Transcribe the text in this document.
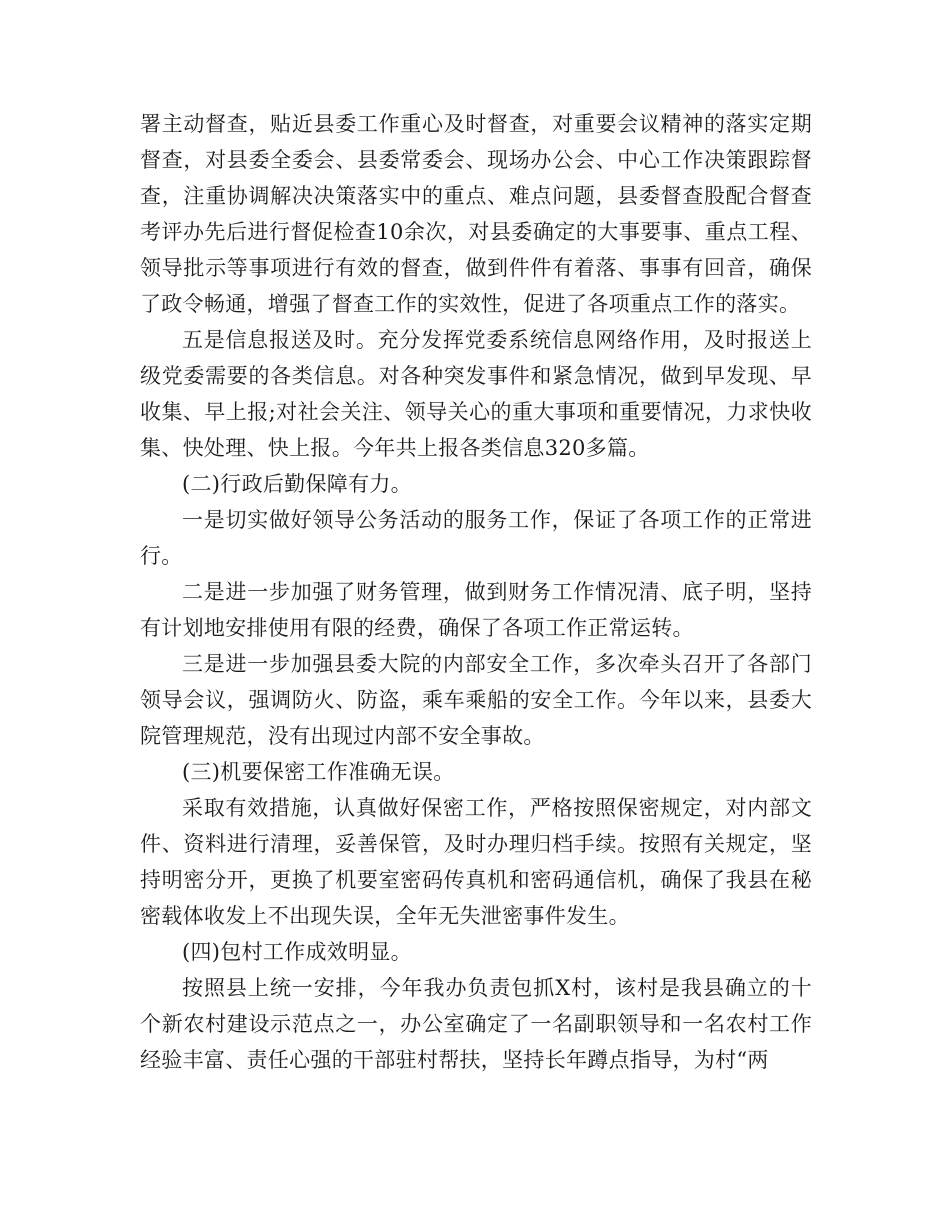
署主动督查，贴近县委工作重心及时督查，对重要会议精神的落实定期督查，对县委全委会、县委常委会、现场办公会、中心工作决策跟踪督查，注重协调解决决策落实中的重点、难点问题，县委督查股配合督查考评办先后进行督促检查10余次，对县委确定的大事要事、重点工程、领导批示等事项进行有效的督查，做到件件有着落、事事有回音，确保了政令畅通，增强了督查工作的实效性，促进了各项重点工作的落实。

五是信息报送及时。充分发挥党委系统信息网络作用，及时报送上级党委需要的各类信息。对各种突发事件和紧急情况，做到早发现、早收集、早上报;对社会关注、领导关心的重大事项和重要情况，力求快收集、快处理、快上报。今年共上报各类信息320多篇。

(二)行政后勤保障有力。

一是切实做好领导公务活动的服务工作，保证了各项工作的正常进行。

二是进一步加强了财务管理，做到财务工作情况清、底子明，坚持有计划地安排使用有限的经费，确保了各项工作正常运转。

三是进一步加强县委大院的内部安全工作，多次牵头召开了各部门领导会议，强调防火、防盗，乘车乘船的安全工作。今年以来，县委大院管理规范，没有出现过内部不安全事故。

(三)机要保密工作准确无误。

采取有效措施，认真做好保密工作，严格按照保密规定，对内部文件、资料进行清理，妥善保管，及时办理归档手续。按照有关规定，坚持明密分开，更换了机要室密码传真机和密码通信机，确保了我县在秘密载体收发上不出现失误，全年无失泄密事件发生。

(四)包村工作成效明显。

按照县上统一安排，今年我办负责包抓X村，该村是我县确立的十个新农村建设示范点之一，办公室确定了一名副职领导和一名农村工作经验丰富、责任心强的干部驻村帮扶，坚持长年蹲点指导，为村“两
